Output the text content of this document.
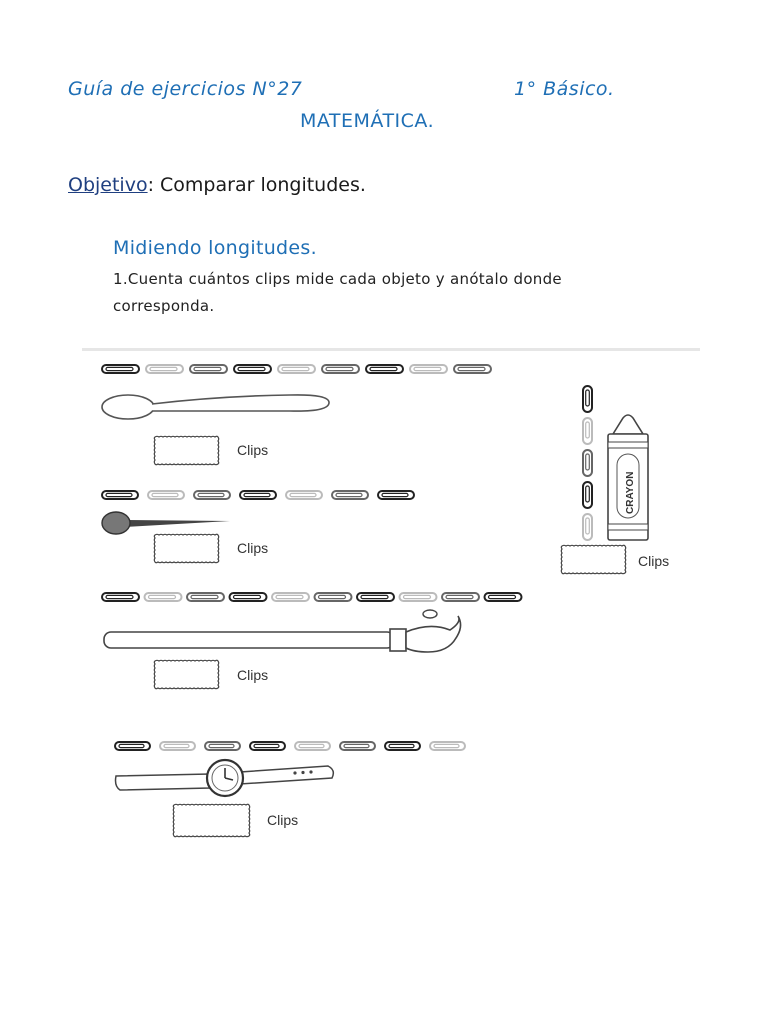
Guía de ejercicios N°27	1° Básico.
MATEMÁTICA.
Objetivo: Comparar longitudes.
Midiendo longitudes.
1.Cuenta cuántos clips mide cada objeto y anótalo donde
corresponda.
Clips
Clips
Clips
Clips
CRAYON
Clips
